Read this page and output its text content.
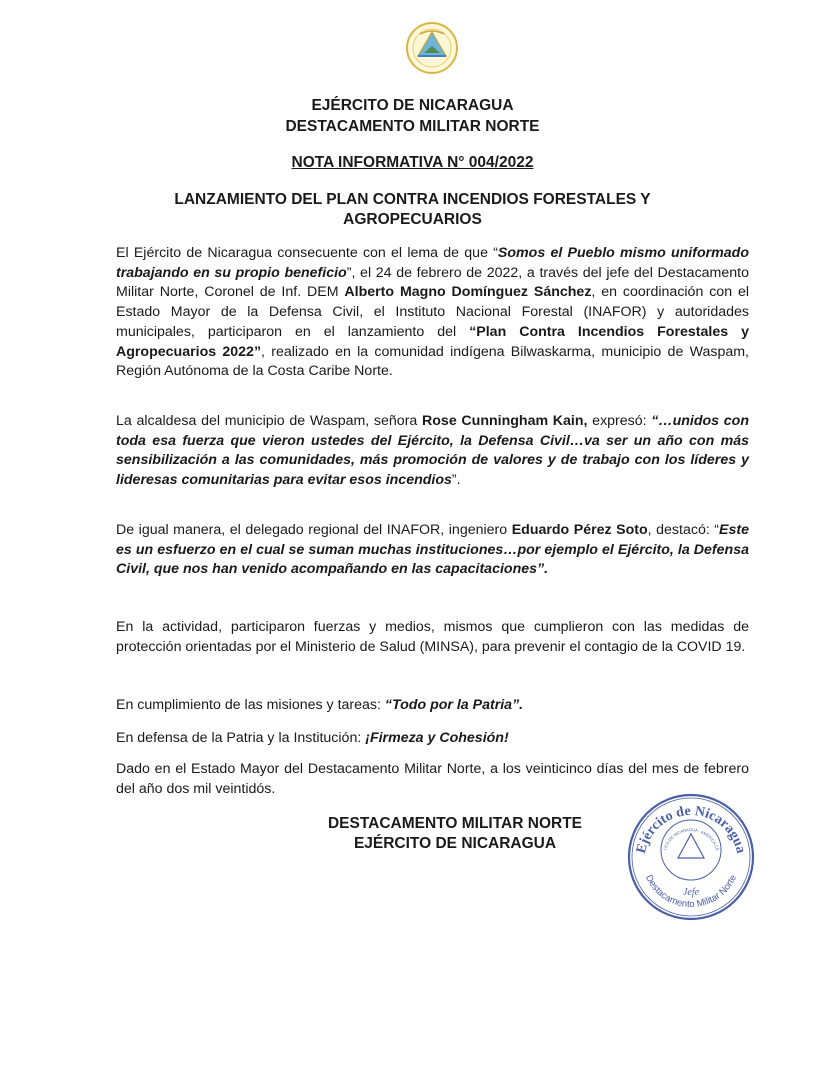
EJÉRCITO DE NICARAGUA
DESTACAMENTO MILITAR NORTE
NOTA INFORMATIVA N° 004/2022
LANZAMIENTO DEL PLAN CONTRA INCENDIOS FORESTALES Y
AGROPECUARIOS
El Ejército de Nicaragua consecuente con el lema de que “Somos el Pueblo mismo uniformado trabajando en su propio beneficio”, el 24 de febrero de 2022, a través del jefe del Destacamento Militar Norte, Coronel de Inf. DEM Alberto Magno Domínguez Sánchez, en coordinación con el Estado Mayor de la Defensa Civil, el Instituto Nacional Forestal (INAFOR) y autoridades municipales, participaron en el lanzamiento del “Plan Contra Incendios Forestales y Agropecuarios 2022”, realizado en la comunidad indígena Bilwaskarma, municipio de Waspam, Región Autónoma de la Costa Caribe Norte.
La alcaldesa del municipio de Waspam, señora Rose Cunningham Kain, expresó: “…unidos con toda esa fuerza que vieron ustedes del Ejército, la Defensa Civil…va ser un año con más sensibilización a las comunidades, más promoción de valores y de trabajo con los líderes y lideresas comunitarias para evitar esos incendios”.
De igual manera, el delegado regional del INAFOR, ingeniero Eduardo Pérez Soto, destacó: “Este es un esfuerzo en el cual se suman muchas instituciones…por ejemplo el Ejército, la Defensa Civil, que nos han venido acompañando en las capacitaciones”.
En la actividad, participaron fuerzas y medios, mismos que cumplieron con las medidas de protección orientadas por el Ministerio de Salud (MINSA), para prevenir el contagio de la COVID 19.
En cumplimiento de las misiones y tareas: “Todo por la Patria”.
En defensa de la Patria y la Institución: ¡Firmeza y Cohesión!
Dado en el Estado Mayor del Destacamento Militar Norte, a los veinticinco días del mes de febrero del año dos mil veintidós.
DESTACAMENTO MILITAR NORTE
EJÉRCITO DE NICARAGUA	Ejército de Nicaragua
Destacamento Militar Norte
LICA DE NICARAGUA · AMÉRICA CE
Jefe
